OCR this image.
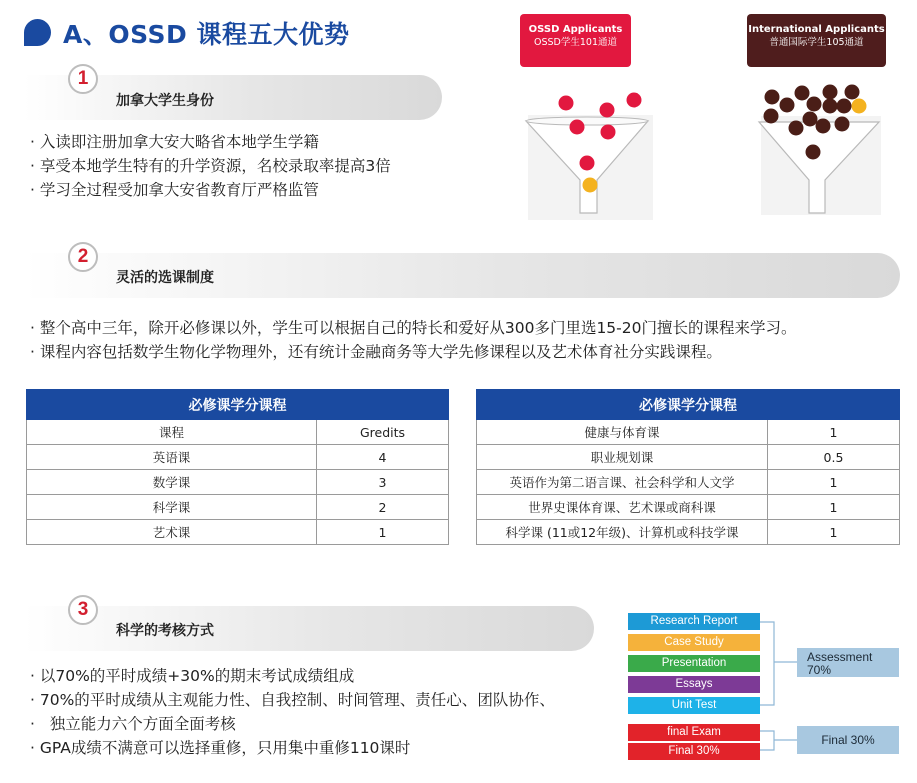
A、OSSD 课程五大优势
1
加拿大学生身份
· 入读即注册加拿大安大略省本地学生学籍
· 享受本地学生特有的升学资源，名校录取率提高3倍
· 学习全过程受加拿大安省教育厅严格监管
OSSD Applicants
OSSD学生101通道
International Applicants
普通国际学生105通道
2
灵活的选课制度
· 整个高中三年，除开必修课以外，学生可以根据自己的特长和爱好从300多门里选15-20门擅长的课程来学习。
· 课程内容包括数学生物化学物理外，还有统计金融商务等大学先修课程以及艺术体育社分实践课程。
必修课学分课程	
课程	Gredits
英语课	4
数学课	3
科学课	2
艺术课	1
必修课学分课程	
健康与体育课	1
职业规划课	0.5
英语作为第二语言课、社会科学和人文学	1
世界史课体育课、艺术课或商科课	1
科学课 (11或12年级)、计算机或科技学课	1
3
科学的考核方式
· 以70%的平时成绩+30%的期末考试成绩组成
· 70%的平时成绩从主观能力性、自我控制、时间管理、责任心、团队协作、
· 独立能力六个方面全面考核
· GPA成绩不满意可以选择重修，只用集中重修110课时
Research Report
Case Study
Presentation
Essays
Unit Test
final Exam
Final 30%
Assessment
70%
Final 30%
